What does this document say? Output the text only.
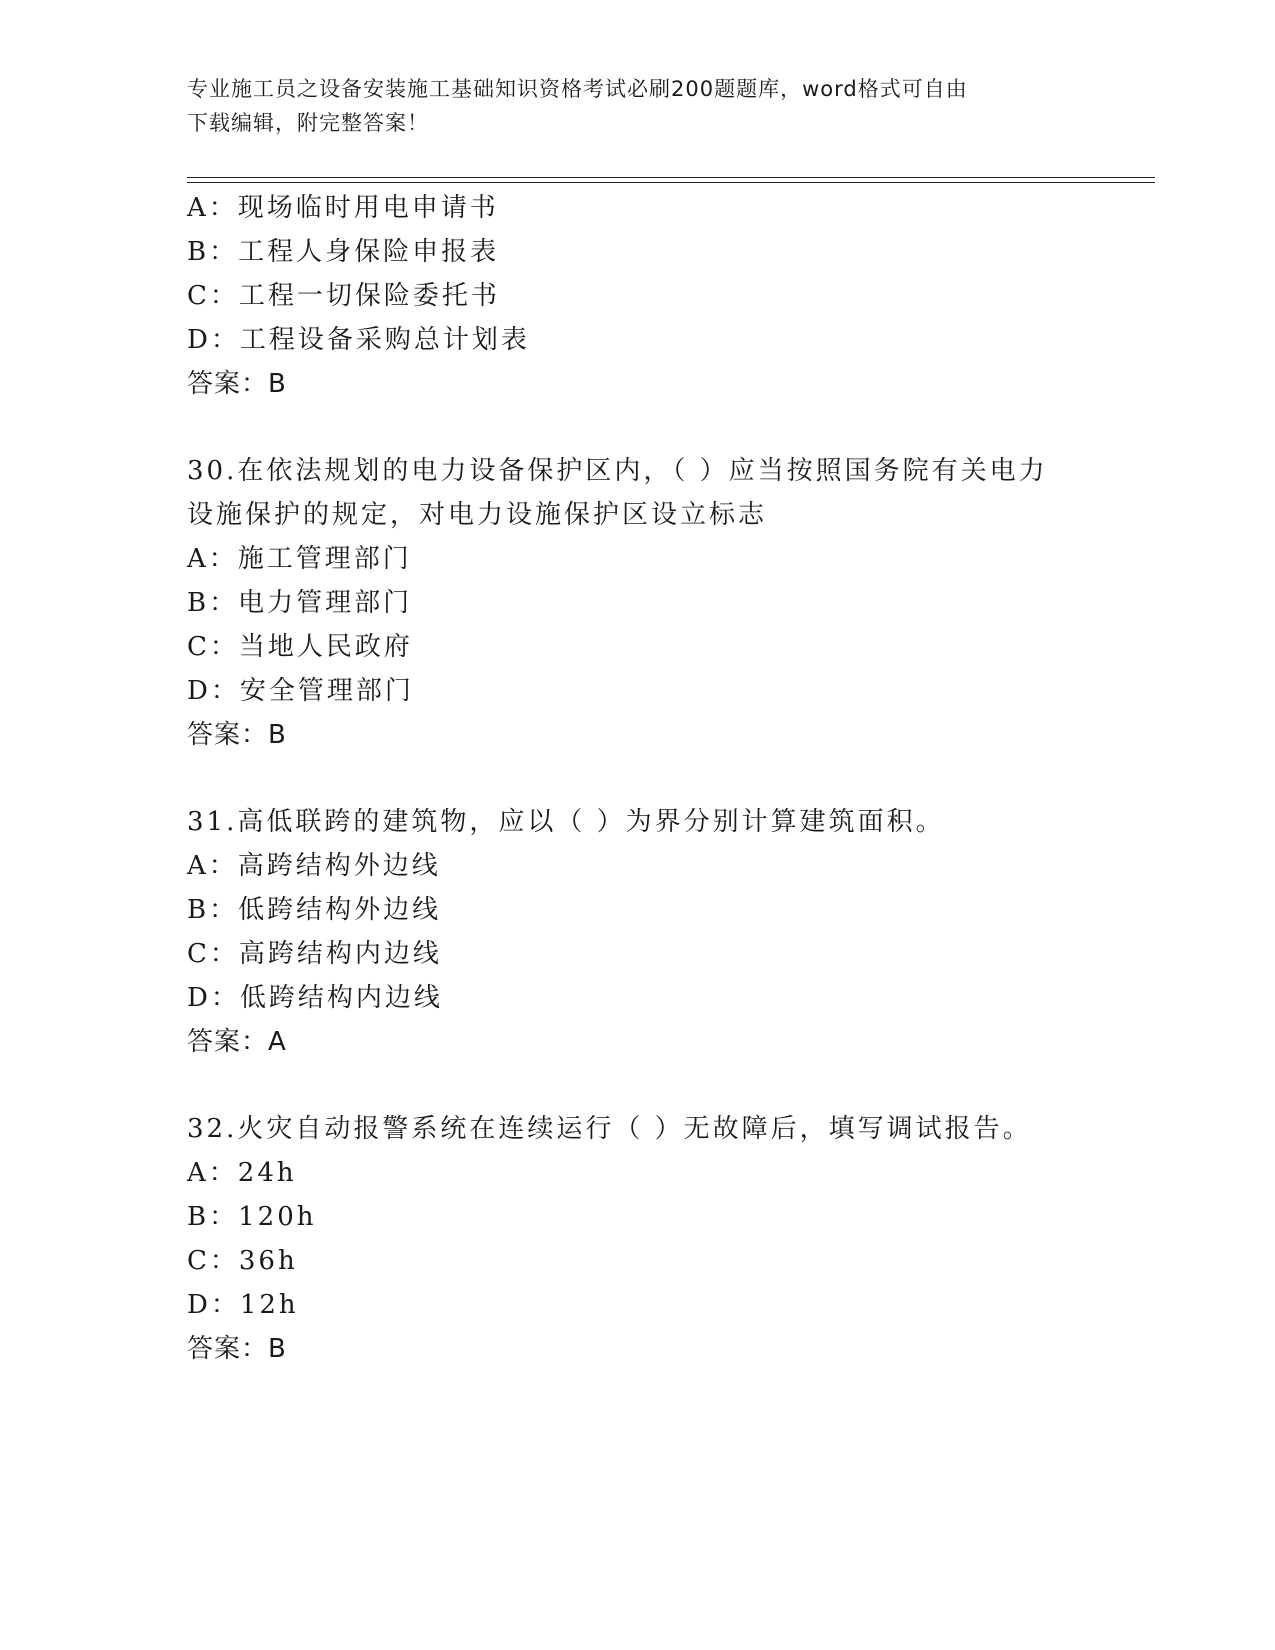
专业施工员之设备安装施工基础知识资格考试必刷200题题库，word格式可自由
下载编辑，附完整答案！
A：现场临时用电申请书
B：工程人身保险申报表
C：工程一切保险委托书
D：工程设备采购总计划表
答案：B
30.在依法规划的电力设备保护区内，（ ）应当按照国务院有关电力
设施保护的规定，对电力设施保护区设立标志
A：施工管理部门
B：电力管理部门
C：当地人民政府
D：安全管理部门
答案：B
31.高低联跨的建筑物，应以（ ）为界分别计算建筑面积。
A：高跨结构外边线
B：低跨结构外边线
C：高跨结构内边线
D：低跨结构内边线
答案：A
32.火灾自动报警系统在连续运行（ ）无故障后，填写调试报告。
A：24h
B：120h
C：36h
D：12h
答案：B
